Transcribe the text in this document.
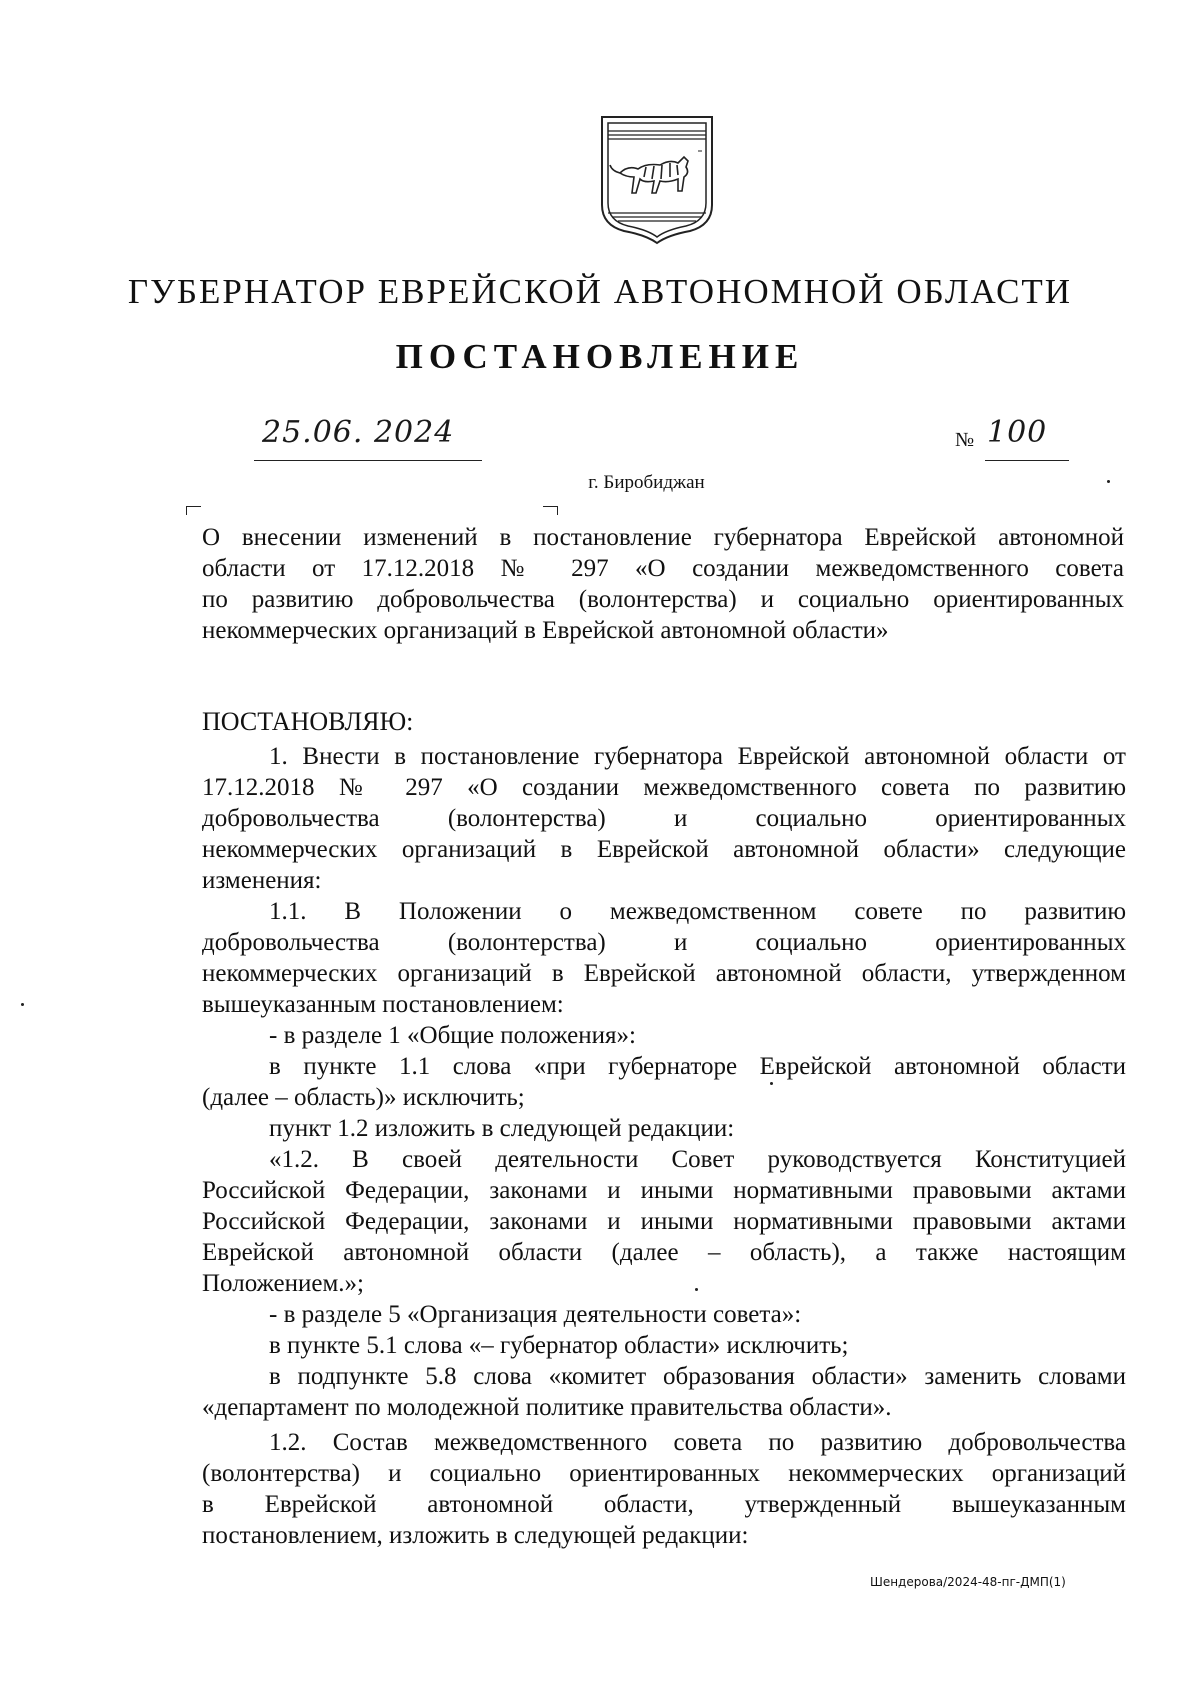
ГУБЕРНАТОР ЕВРЕЙСКОЙ АВТОНОМНОЙ ОБЛАСТИ
ПОСТАНОВЛЕНИЕ
25.06. 2024	№ 100
г. Биробиджан
О внесении изменений в постановление губернатора Еврейской автономной
области от 17.12.2018 № 297 «О создании межведомственного совета
по развитию добровольчества (волонтерства) и социально ориентированных
некоммерческих организаций в Еврейской автономной области»
ПОСТАНОВЛЯЮ:
1. Внести в постановление губернатора Еврейской автономной области от
17.12.2018 № 297 «О создании межведомственного совета по развитию
добровольчества (волонтерства) и социально ориентированных
некоммерческих организаций в Еврейской автономной области» следующие
изменения:
1.1. В Положении о межведомственном совете по развитию
добровольчества (волонтерства) и социально ориентированных
некоммерческих организаций в Еврейской автономной области, утвержденном
вышеуказанным постановлением:
- в разделе 1 «Общие положения»:
в пункте 1.1 слова «при губернаторе Еврейской автономной области
(далее – область)» исключить;
пункт 1.2 изложить в следующей редакции:
«1.2. В своей деятельности Совет руководствуется Конституцией
Российской Федерации, законами и иными нормативными правовыми актами
Российской Федерации, законами и иными нормативными правовыми актами
Еврейской автономной области (далее – область), а также настоящим
Положением.»;
- в разделе 5 «Организация деятельности совета»:
в пункте 5.1 слова «– губернатор области» исключить;
в подпункте 5.8 слова «комитет образования области» заменить словами
«департамент по молодежной политике правительства области».
1.2. Состав межведомственного совета по развитию добровольчества
(волонтерства) и социально ориентированных некоммерческих организаций
в Еврейской автономной области, утвержденный вышеуказанным
постановлением, изложить в следующей редакции:
Шендерова/2024-48-пг-ДМП(1)
